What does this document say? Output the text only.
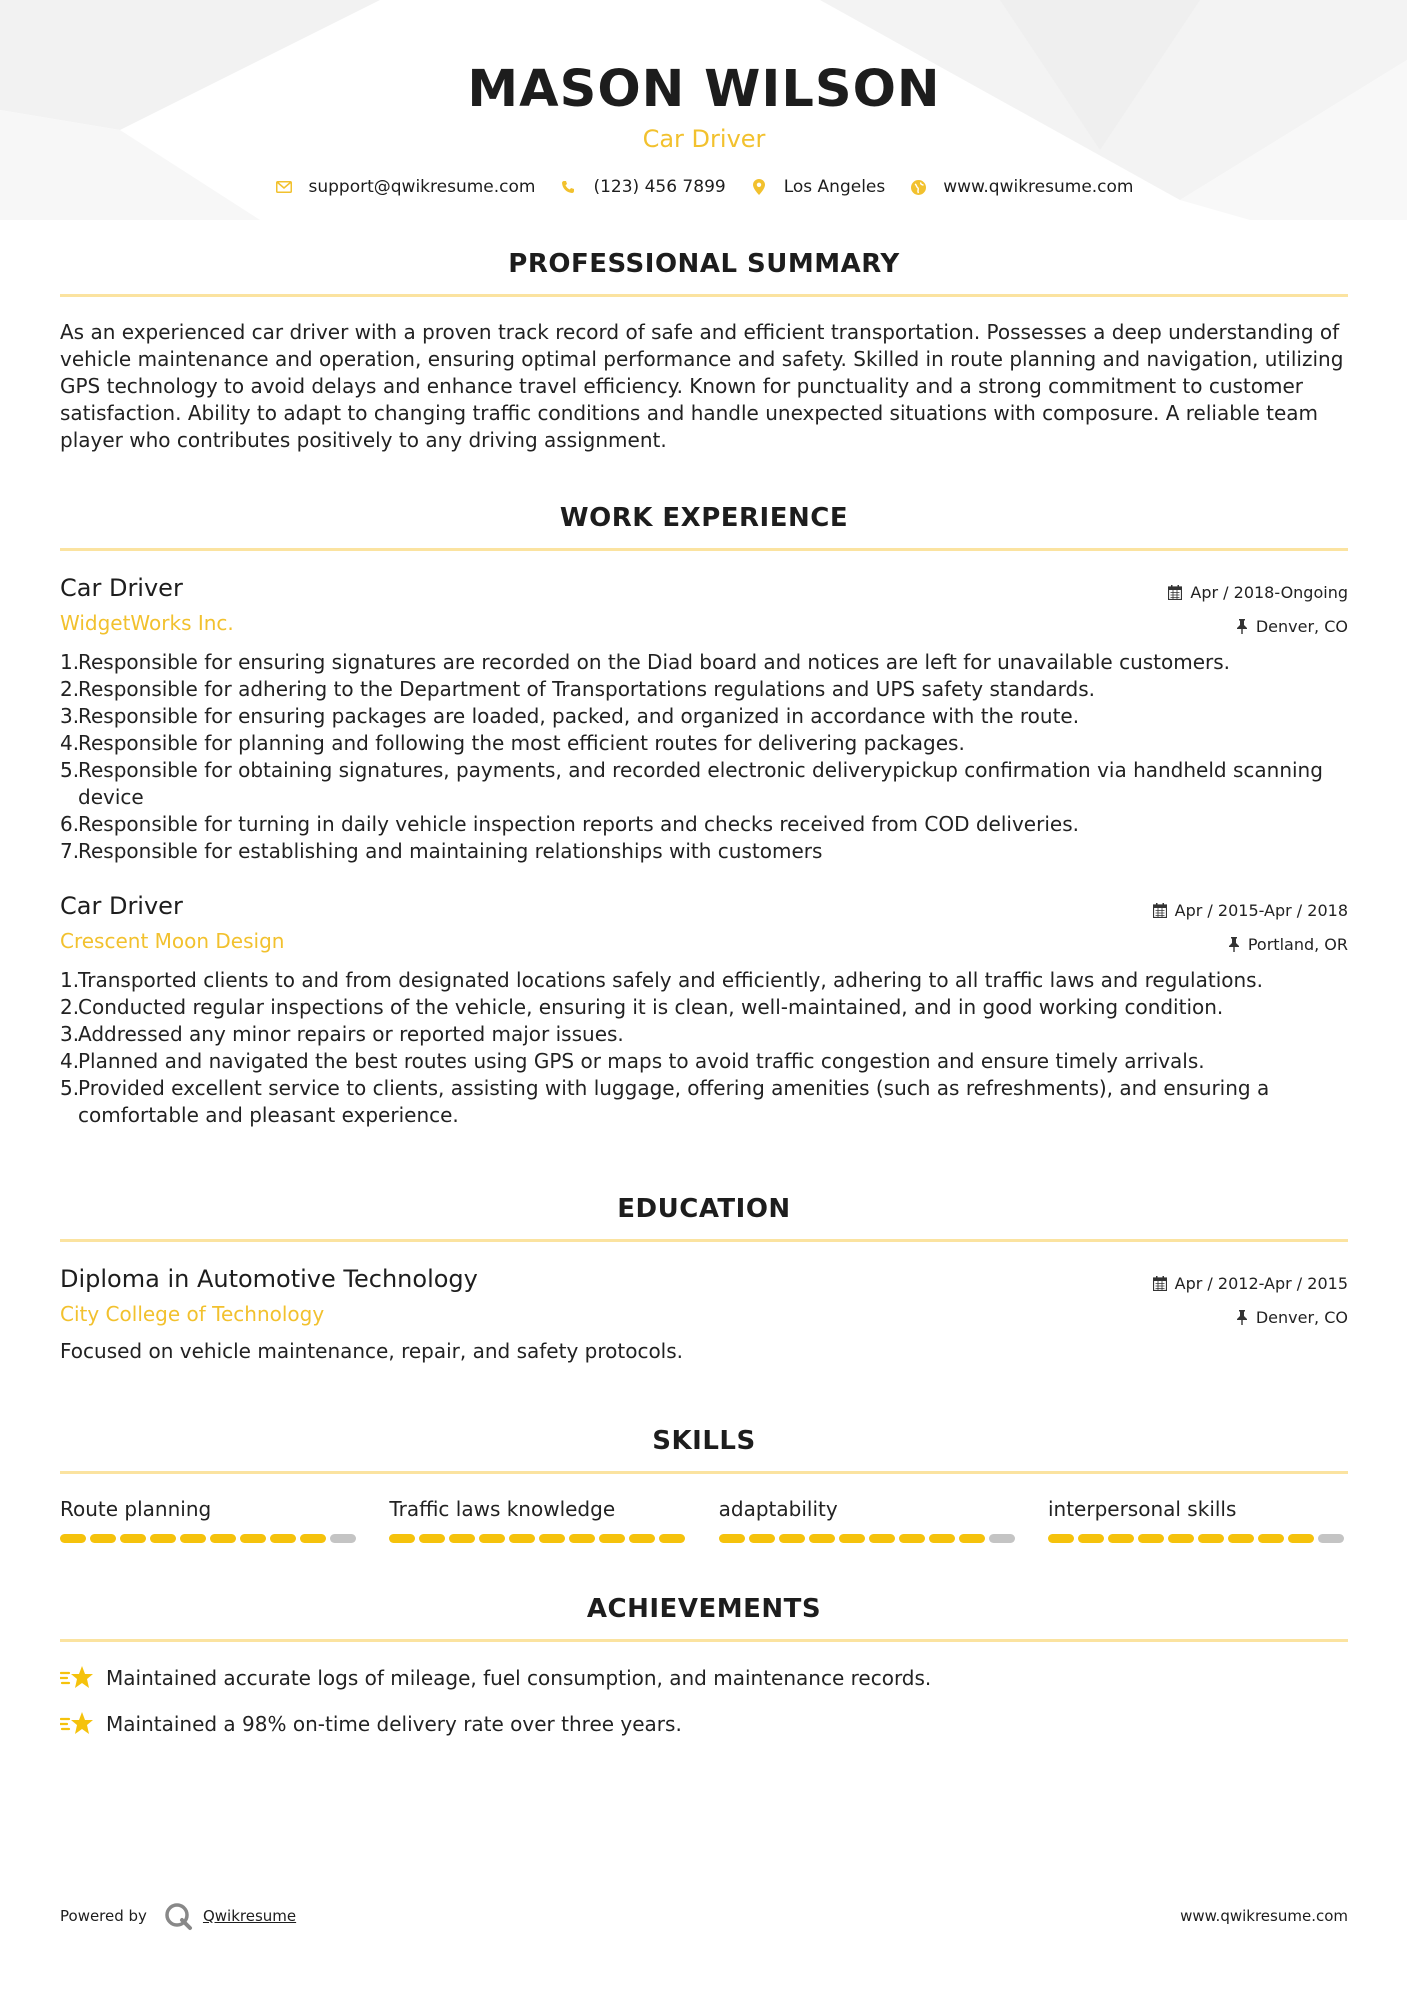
MASON WILSON
Car Driver
support@qwikresume.com	(123) 456 7899	Los Angeles	www.qwikresume.com
PROFESSIONAL SUMMARY

As an experienced car driver with a proven track record of safe and efficient transportation. Possesses a deep understanding of vehicle maintenance and operation, ensuring optimal performance and safety. Skilled in route planning and navigation, utilizing GPS technology to avoid delays and enhance travel efficiency. Known for punctuality and a strong commitment to customer satisfaction. Ability to adapt to changing traffic conditions and handle unexpected situations with composure. A reliable team player who contributes positively to any driving assignment.

WORK EXPERIENCE
Car Driver
WidgetWorks Inc.
Apr / 2018-Ongoing
Denver, CO
1.
Responsible for ensuring signatures are recorded on the Diad board and notices are left for unavailable customers.
2.
Responsible for adhering to the Department of Transportations regulations and UPS safety standards.
3.
Responsible for ensuring packages are loaded, packed, and organized in accordance with the route.
4.
Responsible for planning and following the most efficient routes for delivering packages.
5.
Responsible for obtaining signatures, payments, and recorded electronic deliverypickup confirmation via handheld scanning device
6.
Responsible for turning in daily vehicle inspection reports and checks received from COD deliveries.
7.
Responsible for establishing and maintaining relationships with customers
Car Driver
Crescent Moon Design
Apr / 2015-Apr / 2018
Portland, OR
1.
Transported clients to and from designated locations safely and efficiently, adhering to all traffic laws and regulations.
2.
Conducted regular inspections of the vehicle, ensuring it is clean, well-maintained, and in good working condition.
3.
Addressed any minor repairs or reported major issues.
4.
Planned and navigated the best routes using GPS or maps to avoid traffic congestion and ensure timely arrivals.
5.
Provided excellent service to clients, assisting with luggage, offering amenities (such as refreshments), and ensuring a comfortable and pleasant experience.
EDUCATION
Diploma in Automotive Technology
City College of Technology
Apr / 2012-Apr / 2015
Denver, CO

Focused on vehicle maintenance, repair, and safety protocols.

SKILLS
Route planning	Traffic laws knowledge	adaptability	interpersonal skills
ACHIEVEMENTS
Maintained accurate logs of mileage, fuel consumption, and maintenance records.
Maintained a 98% on-time delivery rate over three years.
Powered by	Qwikresume	www.qwikresume.com
